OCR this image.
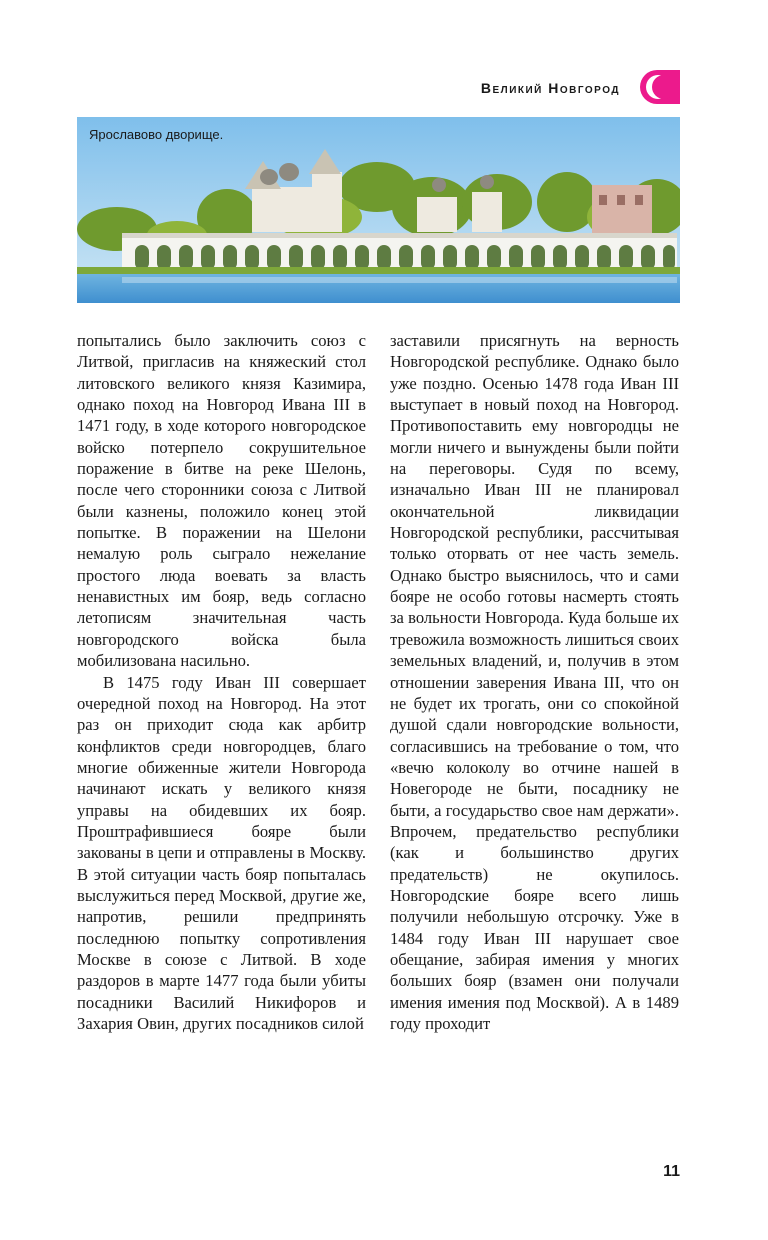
Великий Новгород
Ярославово дворище.

попытались было заключить союз с Литвой, пригласив на княжеский стол литовского великого князя Казимира, однако поход на Новгород Ивана III в 1471 году, в ходе которого новгородское войско потерпело сокрушительное поражение в битве на реке Шелонь, после чего сторонники союза с Литвой были казнены, положило конец этой попытке. В поражении на Шелони немалую роль сыграло нежелание простого люда воевать за власть ненавистных им бояр, ведь согласно летописям значительная часть новгородского войска была мобилизована насильно.

В 1475 году Иван III совершает очередной поход на Новгород. На этот раз он приходит сюда как арбитр конфликтов среди новгородцев, благо многие обиженные жители Новгорода начинают искать у великого князя управы на обидевших их бояр. Проштрафившиеся бояре были закованы в цепи и отправлены в Москву. В этой ситуации часть бояр попыталась выслужиться перед Москвой, другие же, напротив, решили предпринять последнюю попытку сопротивления Москве в союзе с Литвой. В ходе раздоров в марте 1477 года были убиты посадники Василий Никифоров и Захария Овин, других посадников силой

заставили присягнуть на верность Новгородской республике. Однако было уже поздно. Осенью 1478 года Иван III выступает в новый поход на Новгород. Противопоставить ему новгородцы не могли ничего и вынуждены были пойти на переговоры. Судя по всему, изначально Иван III не планировал окончательной ликвидации Новгородской республики, рассчитывая только оторвать от нее часть земель. Однако быстро выяснилось, что и сами бояре не особо готовы насмерть стоять за вольности Новгорода. Куда больше их тревожила возможность лишиться своих земельных владений, и, получив в этом отношении заверения Ивана III, что он не будет их трогать, они со спокойной душой сдали новгородские вольности, согласившись на требование о том, что «вечю колоколу во отчине нашей в Новегороде не быти, посаднику не быти, а государьство свое нам держати». Впрочем, предательство республики (как и большинство других предательств) не окупилось. Новгородские бояре всего лишь получили небольшую отсрочку. Уже в 1484 году Иван III нарушает свое обещание, забирая имения у многих больших бояр (взамен они получали имения имения под Москвой). А в 1489 году проходит

11
